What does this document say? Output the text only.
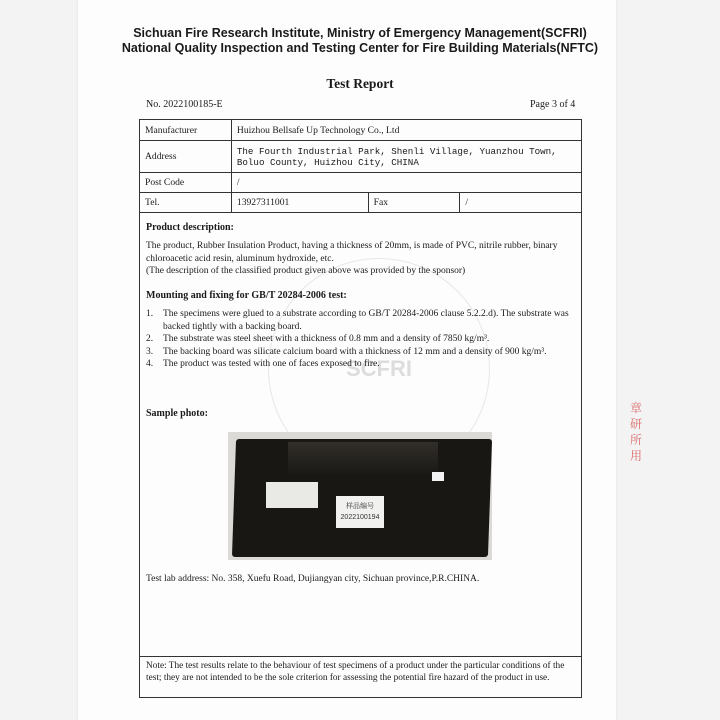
SCFRI
章
研
所
用
Sichuan Fire Research Institute, Ministry of Emergency Management(SCFRI)
National Quality Inspection and Testing Center for Fire Building Materials(NFTC)
Test Report
No. 2022100185-E	Page 3 of 4
Manufacturer	Huizhou Bellsafe Up Technology Co., Ltd		
Address	The Fourth Industrial Park, Shenli Village, Yuanzhou Town, Boluo County, Huizhou City, CHINA		
Post Code	/		
Tel.	13927311001	Fax	/
Product description:
The product, Rubber Insulation Product, having a thickness of 20mm, is made of PVC, nitrile rubber, binary chloroacetic acid resin, aluminum hydroxide, etc.
(The description of the classified product given above was provided by the sponsor)
Mounting and fixing for GB/T 20284-2006 test:
1.	The specimens were glued to a substrate according to GB/T 20284-2006 clause 5.2.2.d). The substrate was backed tightly with a backing board.
2.	The substrate was steel sheet with a thickness of 0.8 mm and a density of 7850 kg/m³.
3.	The backing board was silicate calcium board with a thickness of 12 mm and a density of 900 kg/m³.
4.	The product was tested with one of faces exposed to fire.
Sample photo:
样品编号
2022100194
Test lab address: No. 358, Xuefu Road, Dujiangyan city, Sichuan province,P.R.CHINA.
Note: The test results relate to the behaviour of test specimens of a product under the particular conditions of the test; they are not intended to be the sole criterion for assessing the potential fire hazard of the product in use.
